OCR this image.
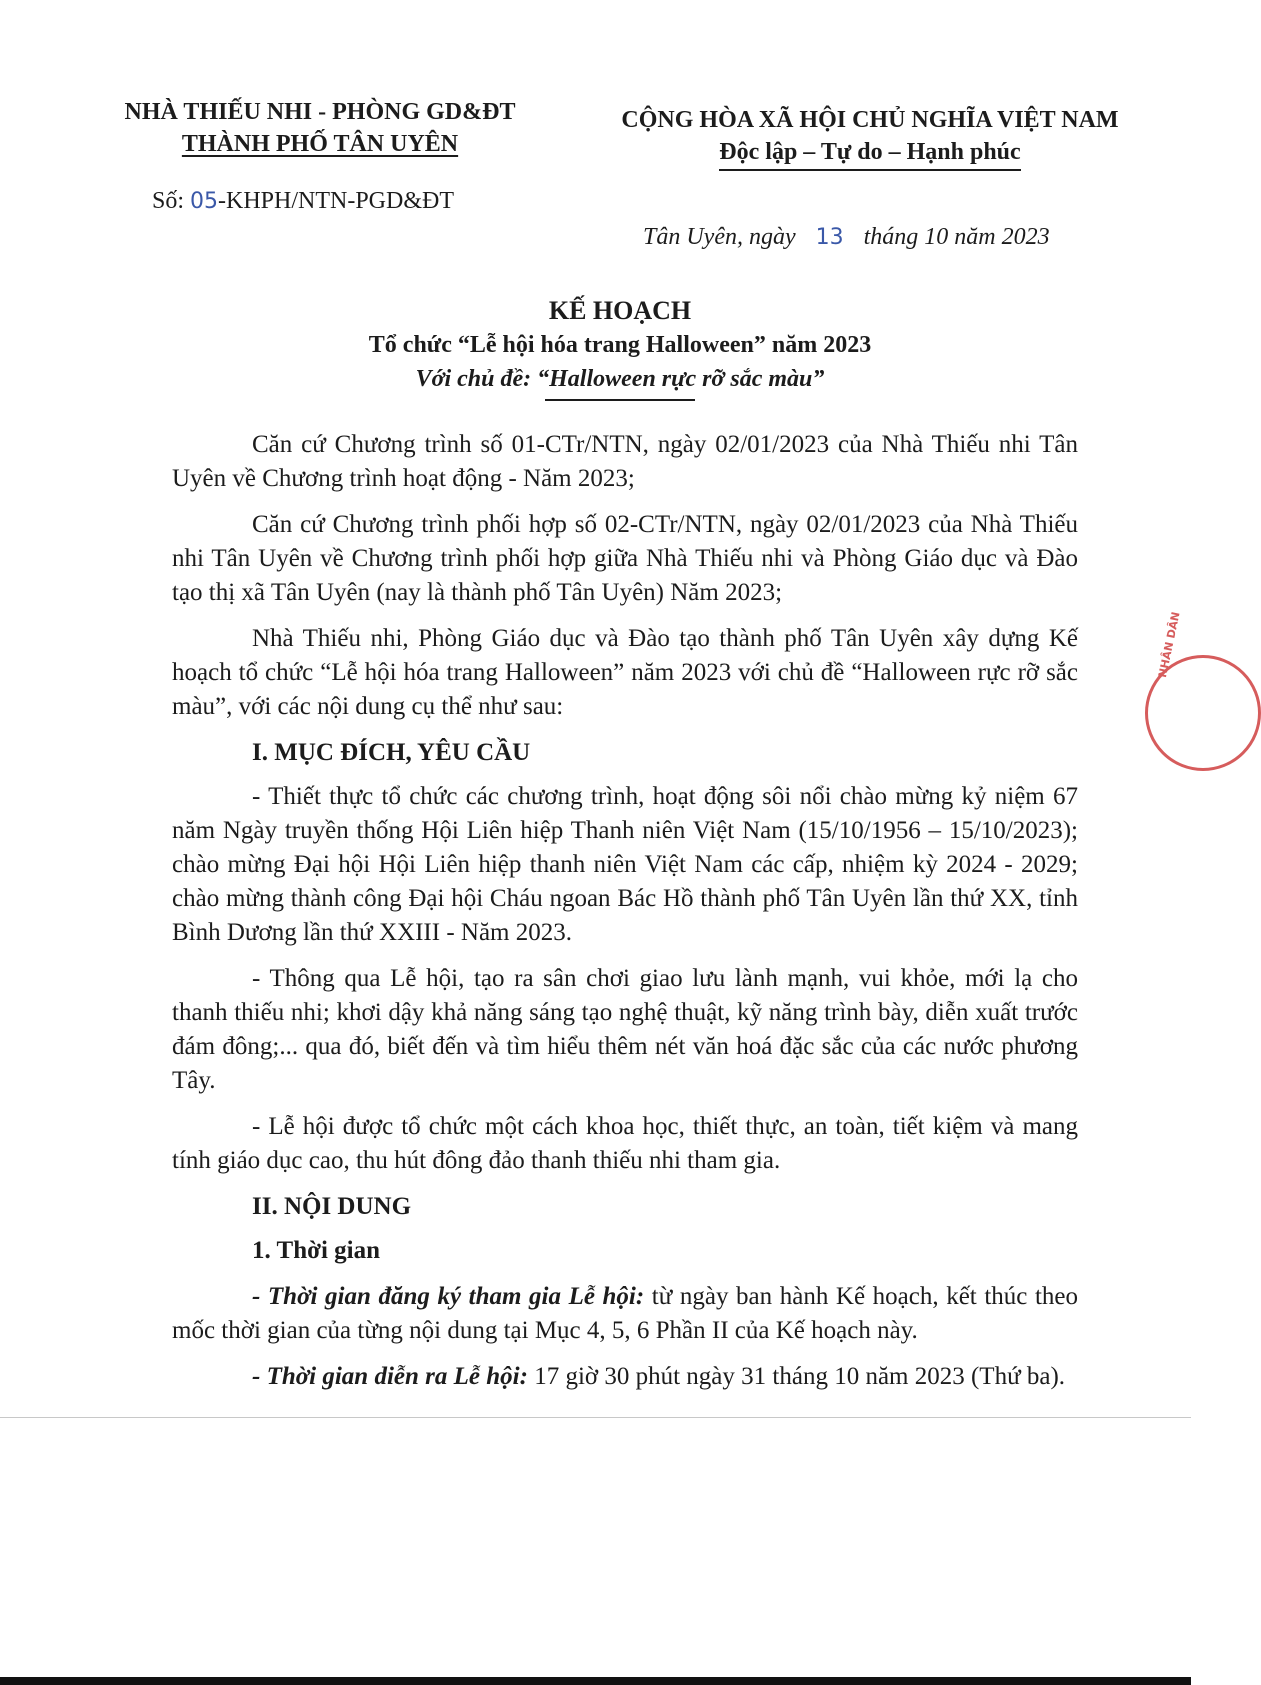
NHÀ THIẾU NHI - PHÒNG GD&ĐT
THÀNH PHỐ TÂN UYÊN
CỘNG HÒA XÃ HỘI CHỦ NGHĨA VIỆT NAM
Độc lập – Tự do – Hạnh phúc
Số: 05-KHPH/NTN-PGD&ĐT
Tân Uyên, ngày 13 tháng 10 năm 2023
KẾ HOẠCH
Tổ chức “Lễ hội hóa trang Halloween” năm 2023
Với chủ đề: “Halloween rực rỡ sắc màu”

Căn cứ Chương trình số 01-CTr/NTN, ngày 02/01/2023 của Nhà Thiếu nhi Tân Uyên về Chương trình hoạt động - Năm 2023;

Căn cứ Chương trình phối hợp số 02-CTr/NTN, ngày 02/01/2023 của Nhà Thiếu nhi Tân Uyên về Chương trình phối hợp giữa Nhà Thiếu nhi và Phòng Giáo dục và Đào tạo thị xã Tân Uyên (nay là thành phố Tân Uyên) Năm 2023;

Nhà Thiếu nhi, Phòng Giáo dục và Đào tạo thành phố Tân Uyên xây dựng Kế hoạch tổ chức “Lễ hội hóa trang Halloween” năm 2023 với chủ đề “Halloween rực rỡ sắc màu”, với các nội dung cụ thể như sau:

I. MỤC ĐÍCH, YÊU CẦU

- Thiết thực tổ chức các chương trình, hoạt động sôi nổi chào mừng kỷ niệm 67 năm Ngày truyền thống Hội Liên hiệp Thanh niên Việt Nam (15/10/1956 – 15/10/2023); chào mừng Đại hội Hội Liên hiệp thanh niên Việt Nam các cấp, nhiệm kỳ 2024 - 2029; chào mừng thành công Đại hội Cháu ngoan Bác Hồ thành phố Tân Uyên lần thứ XX, tỉnh Bình Dương lần thứ XXIII - Năm 2023.

- Thông qua Lễ hội, tạo ra sân chơi giao lưu lành mạnh, vui khỏe, mới lạ cho thanh thiếu nhi; khơi dậy khả năng sáng tạo nghệ thuật, kỹ năng trình bày, diễn xuất trước đám đông;... qua đó, biết đến và tìm hiểu thêm nét văn hoá đặc sắc của các nước phương Tây.

- Lễ hội được tổ chức một cách khoa học, thiết thực, an toàn, tiết kiệm và mang tính giáo dục cao, thu hút đông đảo thanh thiếu nhi tham gia.

II. NỘI DUNG
1. Thời gian

- Thời gian đăng ký tham gia Lễ hội: từ ngày ban hành Kế hoạch, kết thúc theo mốc thời gian của từng nội dung tại Mục 4, 5, 6 Phần II của Kế hoạch này.

- Thời gian diễn ra Lễ hội: 17 giờ 30 phút ngày 31 tháng 10 năm 2023 (Thứ ba).

NHÂN DÂN
